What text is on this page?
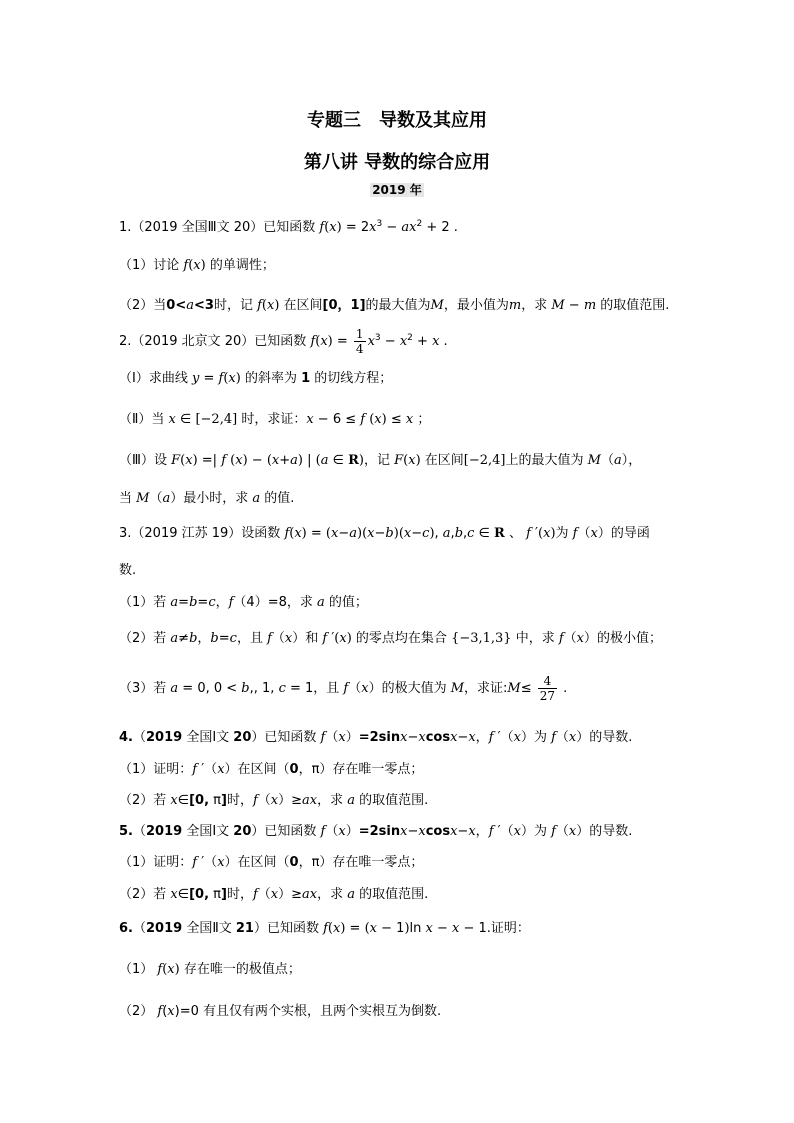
专题三　导数及其应用
第八讲 导数的综合应用
2019 年
1.（2019 全国Ⅲ文 20）已知函数 $f(x) = 2x^3 - ax^2 + 2$ .
（1）讨论 f(x) 的单调性；
（2）当0<a<3时，记 f(x) 在区间[0，1]的最大值为M，最小值为m，求 M − m 的取值范围.
2.（2019 北京文 20）已知函数 $f(x) = \frac{1}{4} x^3 - x^2 + x$ .
（Ⅰ）求曲线 y = f(x) 的斜率为 1 的切线方程；
（Ⅱ）当 x ∈ [−2,4] 时，求证：x − 6 ≤ f (x) ≤ x ；
（Ⅲ）设 F(x) =| f (x) − (x+a) | (a ∈ R)，记 F(x) 在区间[−2,4]上的最大值为 M（a），
当 M（a）最小时，求 a 的值.
3.（2019 江苏 19）设函数 f(x) = (x−a)(x−b)(x−c), a,b,c ∈ R 、 f ′(x)为 f（x）的导函
数.
（1）若 a=b=c，f（4）=8，求 a 的值；
（2）若 a≠b，b=c，且 f（x）和 f ′(x) 的零点均在集合 {−3,1,3} 中，求 f（x）的极小值；
（3）若 a = 0, 0 < b,, 1, c = 1，且 f（x）的极大值为 M，求证:M≤ $\frac{4}{27}$ .
4.（2019 全国Ⅰ文 20）已知函数 f（x）=2sinx−xcosx−x，f ′（x）为 f（x）的导数.
（1）证明：f ′（x）在区间（0，π）存在唯一零点；
（2）若 x∈[0, π]时，f（x）≥ax，求 a 的取值范围.
5.（2019 全国Ⅰ文 20）已知函数 f（x）=2sinx−xcosx−x，f ′（x）为 f（x）的导数.
（1）证明：f ′（x）在区间（0，π）存在唯一零点；
（2）若 x∈[0, π]时，f（x）≥ax，求 a 的取值范围.
6.（2019 全国Ⅱ文 21）已知函数 f(x) = (x − 1)ln x − x − 1.证明：
（1） f(x) 存在唯一的极值点；
（2） f(x)=0 有且仅有两个实根，且两个实根互为倒数.
